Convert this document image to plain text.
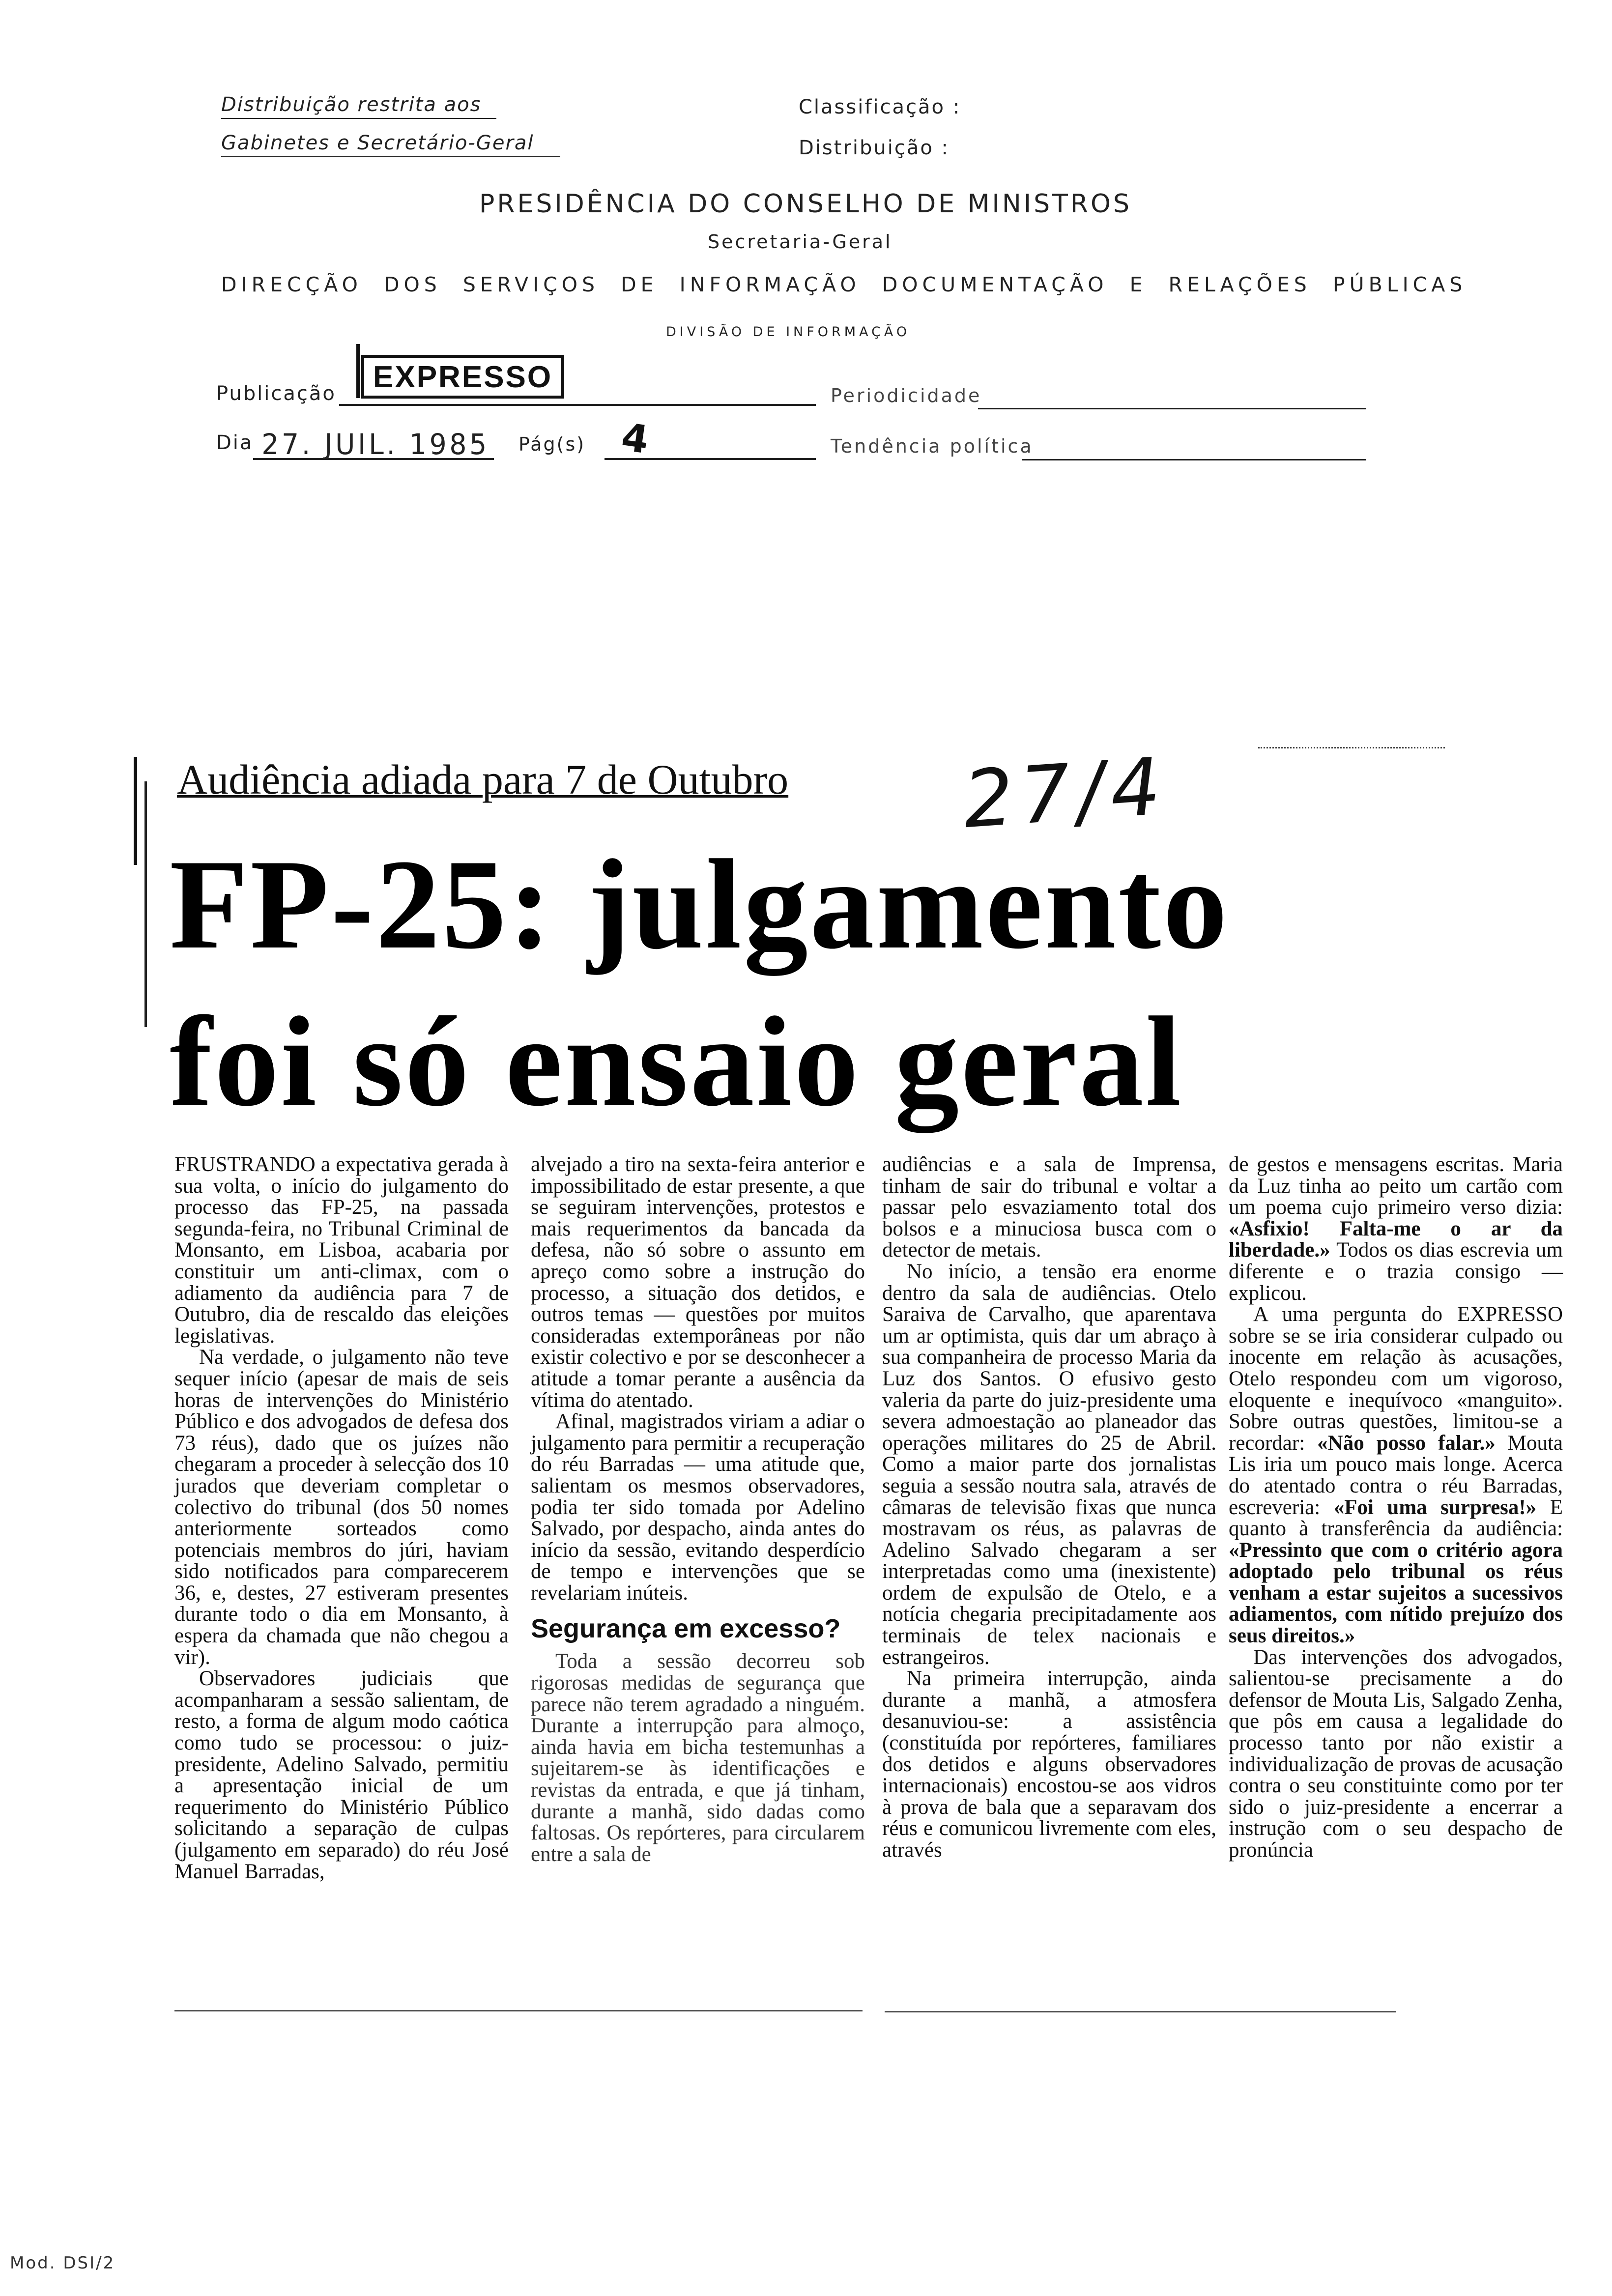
Distribuição restrita aos
Gabinetes e Secretário-Geral
Classificação :
Distribuição :
PRESIDÊNCIA DO CONSELHO DE MINISTROS
Secretaria-Geral
DIRECÇÃO DOS SERVIÇOS DE INFORMAÇÃO DOCUMENTAÇÃO E RELAÇÕES PÚBLICAS
DIVISÃO DE INFORMAÇÃO
Publicação	EXPRESSO
Periodicidade
Dia 27. JUIL. 1985 Pág(s) 4	Tendência política
Audiência adiada para 7 de Outubro 27/4
FP-25: julgamento
foi só ensaio geral

FRUSTRANDO a expectativa gerada à sua volta, o início do julgamento do processo das FP-25, na passada segunda-feira, no Tribunal Criminal de Monsanto, em Lisboa, acabaria por constituir um anti-climax, com o adiamento da audiência para 7 de Outubro, dia de rescaldo das eleições legislativas.

Na verdade, o julgamento não teve sequer início (apesar de mais de seis horas de intervenções do Ministério Público e dos advogados de defesa dos 73 réus), dado que os juízes não chegaram a proceder à selecção dos 10 jurados que deveriam completar o colectivo do tribunal (dos 50 nomes anteriormente sorteados como potenciais membros do júri, haviam sido notificados para comparecerem 36, e, destes, 27 estiveram presentes durante todo o dia em Monsanto, à espera da chamada que não chegou a vir).

Observadores judiciais que acompanharam a sessão salientam, de resto, a forma de algum modo caótica como tudo se processou: o juiz-presidente, Adelino Salvado, permitiu a apresentação inicial de um requerimento do Ministério Público solicitando a separação de culpas (julgamento em separado) do réu José Manuel Barradas,

alvejado a tiro na sexta-feira anterior e impossibilitado de estar presente, a que se seguiram intervenções, protestos e mais requerimentos da bancada da defesa, não só sobre o assunto em apreço como sobre a instrução do processo, a situação dos detidos, e outros temas — questões por muitos consideradas extemporâneas por não existir colectivo e por se desconhecer a atitude a tomar perante a ausência da vítima do atentado.

Afinal, magistrados viriam a adiar o julgamento para permitir a recuperação do réu Barradas — uma atitude que, salientam os mesmos observadores, podia ter sido tomada por Adelino Salvado, por despacho, ainda antes do início da sessão, evitando desperdício de tempo e intervenções que se revelariam inúteis.

Segurança em excesso?

Toda a sessão decorreu sob rigorosas medidas de segurança que parece não terem agradado a ninguém. Durante a interrupção para almoço, ainda havia em bicha testemunhas a sujeitarem-se às identificações e revistas da entrada, e que já tinham, durante a manhã, sido dadas como faltosas. Os repórteres, para circularem entre a sala de

audiências e a sala de Imprensa, tinham de sair do tribunal e voltar a passar pelo esvaziamento total dos bolsos e a minuciosa busca com o detector de metais.

No início, a tensão era enorme dentro da sala de audiências. Otelo Saraiva de Carvalho, que aparentava um ar optimista, quis dar um abraço à sua companheira de processo Maria da Luz dos Santos. O efusivo gesto valeria da parte do juiz-presidente uma severa admoestação ao planeador das operações militares do 25 de Abril. Como a maior parte dos jornalistas seguia a sessão noutra sala, através de câmaras de televisão fixas que nunca mostravam os réus, as palavras de Adelino Salvado chegaram a ser interpretadas como uma (inexistente) ordem de expulsão de Otelo, e a notícia chegaria precipitadamente aos terminais de telex nacionais e estrangeiros.

Na primeira interrupção, ainda durante a manhã, a atmosfera desanuviou-se: a assistência (constituída por repórteres, familiares dos detidos e alguns observadores internacionais) encostou-se aos vidros à prova de bala que a separavam dos réus e comunicou livremente com eles, através

de gestos e mensagens escritas. Maria da Luz tinha ao peito um cartão com um poema cujo primeiro verso dizia: «Asfixio! Falta-me o ar da liberdade.» Todos os dias escrevia um diferente e o trazia consigo — explicou.

A uma pergunta do EXPRESSO sobre se se iria considerar culpado ou inocente em relação às acusações, Otelo respondeu com um vigoroso, eloquente e inequívoco «manguito». Sobre outras questões, limitou-se a recordar: «Não posso falar.» Mouta Lis iria um pouco mais longe. Acerca do atentado contra o réu Barradas, escreveria: «Foi uma surpresa!» E quanto à transferência da audiência: «Pressinto que com o critério agora adoptado pelo tribunal os réus venham a estar sujeitos a sucessivos adiamentos, com nítido prejuízo dos seus direitos.»

Das intervenções dos advogados, salientou-se precisamente a do defensor de Mouta Lis, Salgado Zenha, que pôs em causa a legalidade do processo tanto por não existir a individualização de provas de acusação contra o seu constituinte como por ter sido o juiz-presidente a encerrar a instrução com o seu despacho de pronúncia

Mod. DSI/2
